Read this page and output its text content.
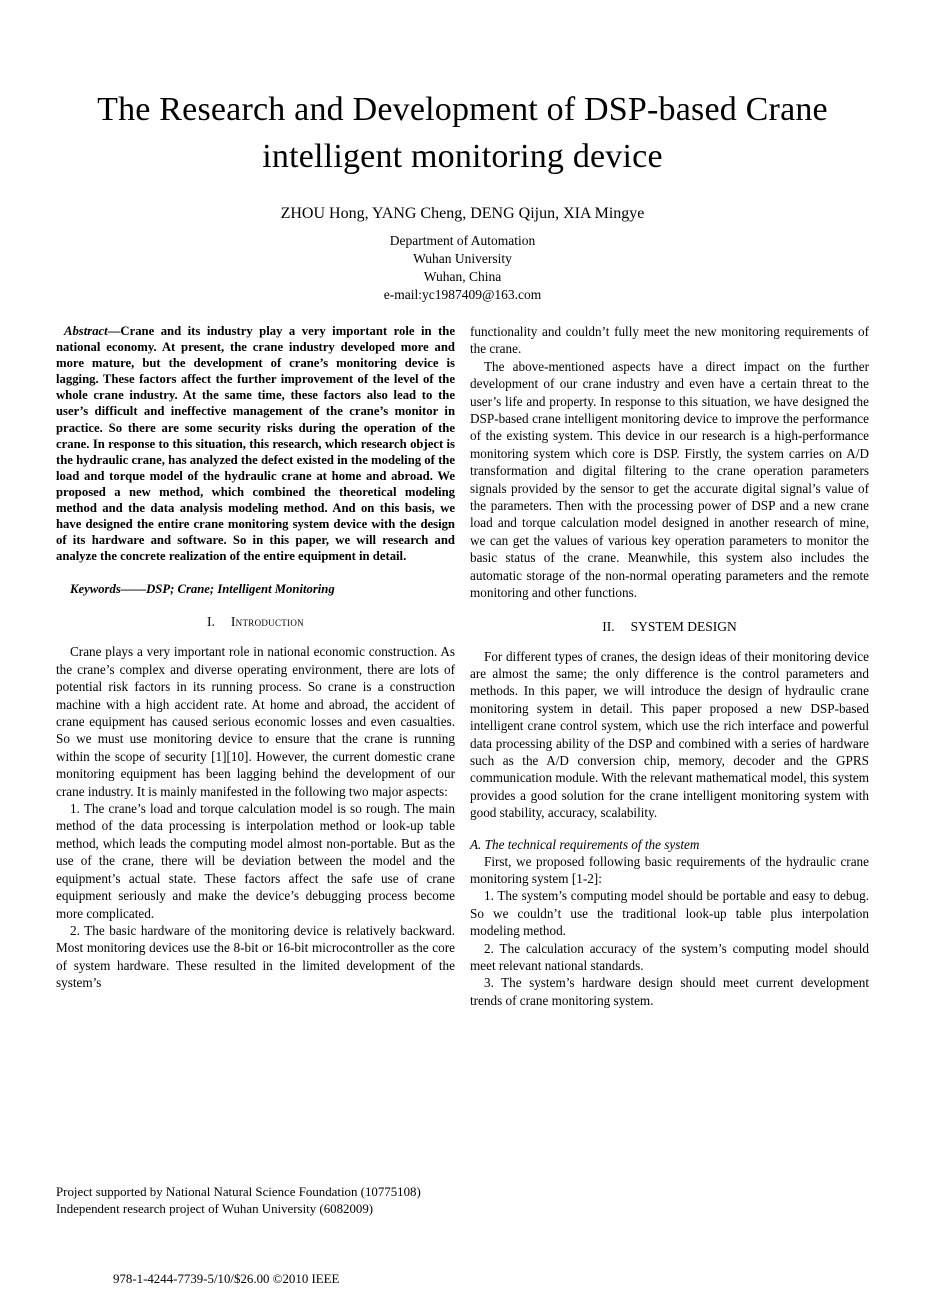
The Research and Development of DSP-based Crane
intelligent monitoring device
ZHOU Hong, YANG Cheng, DENG Qijun, XIA Mingye
Department of Automation
Wuhan University
Wuhan, China
e-mail:yc1987409@163.com

Abstract—Crane and its industry play a very important role in the national economy. At present, the crane industry developed more and more mature, but the development of crane’s monitoring device is lagging. These factors affect the further improvement of the level of the whole crane industry. At the same time, these factors also lead to the user’s difficult and ineffective management of the crane’s monitor in practice. So there are some security risks during the operation of the crane. In response to this situation, this research, which research object is the hydraulic crane, has analyzed the defect existed in the modeling of the load and torque model of the hydraulic crane at home and abroad. We proposed a new method, which combined the theoretical modeling method and the data analysis modeling method. And on this basis, we have designed the entire crane monitoring system device with the design of its hardware and software. So in this paper, we will research and analyze the concrete realization of the entire equipment in detail.

Keywords——DSP; Crane; Intelligent Monitoring

I. Introduction

Crane plays a very important role in national economic construction. As the crane’s complex and diverse operating environment, there are lots of potential risk factors in its running process. So crane is a construction machine with a high accident rate. At home and abroad, the accident of crane equipment has caused serious economic losses and even casualties. So we must use monitoring device to ensure that the crane is running within the scope of security [1][10]. However, the current domestic crane monitoring equipment has been lagging behind the development of our crane industry. It is mainly manifested in the following two major aspects:

1. The crane’s load and torque calculation model is so rough. The main method of the data processing is interpolation method or look-up table method, which leads the computing model almost non-portable. But as the use of the crane, there will be deviation between the model and the equipment’s actual state. These factors affect the safe use of crane equipment seriously and make the device’s debugging process become more complicated.

2. The basic hardware of the monitoring device is relatively backward. Most monitoring devices use the 8-bit or 16-bit microcontroller as the core of system hardware. These resulted in the limited development of the system’s

functionality and couldn’t fully meet the new monitoring requirements of the crane.

The above-mentioned aspects have a direct impact on the further development of our crane industry and even have a certain threat to the user’s life and property. In response to this situation, we have designed the DSP-based crane intelligent monitoring device to improve the performance of the existing system. This device in our research is a high-performance monitoring system which core is DSP. Firstly, the system carries on A/D transformation and digital filtering to the crane operation parameters signals provided by the sensor to get the accurate digital signal’s value of the parameters. Then with the processing power of DSP and a new crane load and torque calculation model designed in another research of mine, we can get the values of various key operation parameters to monitor the basic status of the crane. Meanwhile, this system also includes the automatic storage of the non-normal operating parameters and the remote monitoring and other functions.

II. SYSTEM DESIGN

For different types of cranes, the design ideas of their monitoring device are almost the same; the only difference is the control parameters and methods. In this paper, we will introduce the design of hydraulic crane monitoring system in detail. This paper proposed a new DSP-based intelligent crane control system, which use the rich interface and powerful data processing ability of the DSP and combined with a series of hardware such as the A/D conversion chip, memory, decoder and the GPRS communication module. With the relevant mathematical model, this system provides a good solution for the crane intelligent monitoring system with good stability, accuracy, scalability.

A. The technical requirements of the system

First, we proposed following basic requirements of the hydraulic crane monitoring system [1-2]:

1. The system’s computing model should be portable and easy to debug. So we couldn’t use the traditional look-up table plus interpolation modeling method.

2. The calculation accuracy of the system’s computing model should meet relevant national standards.

3. The system’s hardware design should meet current development trends of crane monitoring system.

Project supported by National Natural Science Foundation (10775108)
Independent research project of Wuhan University (6082009)
978-1-4244-7739-5/10/$26.00 ©2010 IEEE
